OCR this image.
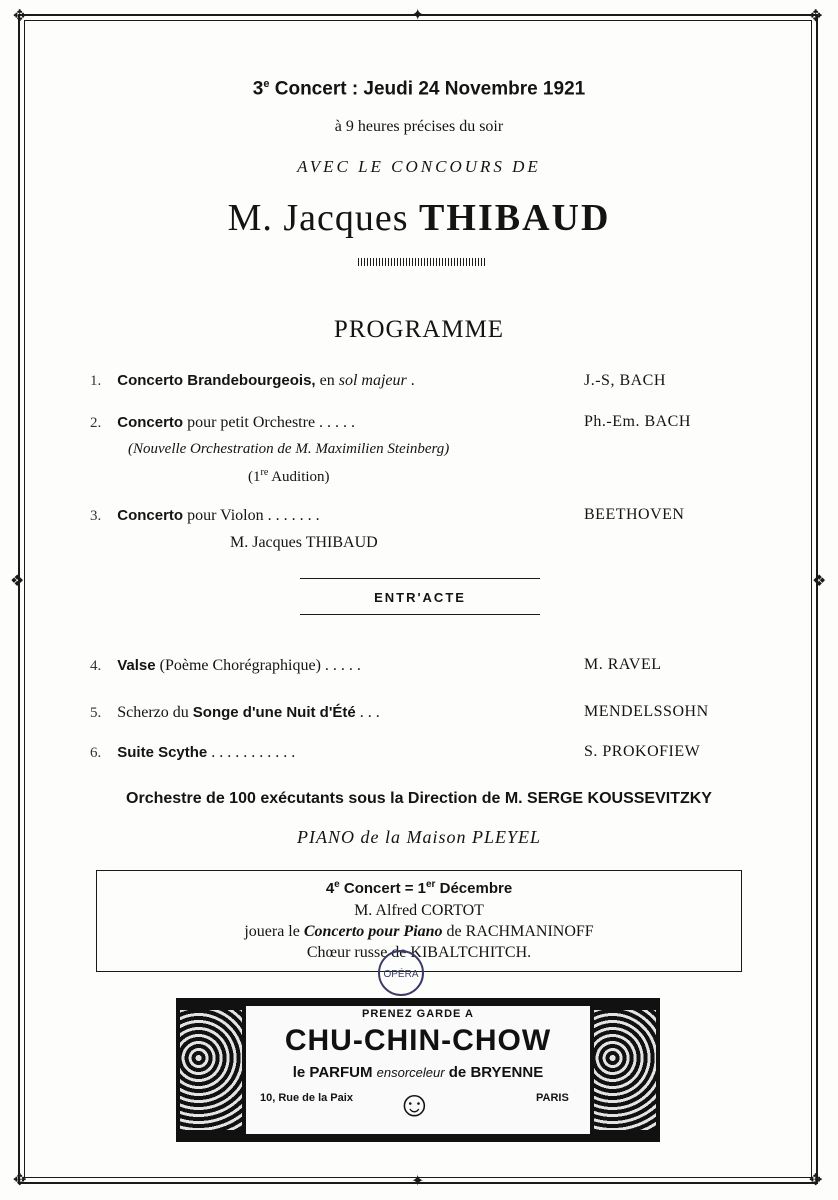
✥	✥
✥	✥
✦
✦
❖	❖
3e Concert : Jeudi 24 Novembre 1921
à 9 heures précises du soir
AVEC LE CONCOURS DE
M. Jacques THIBAUD
PROGRAMME
1. Concerto Brandebourgeois, en sol majeur .	J.-S, BACH
2. Concerto pour petit Orchestre . . . . .	Ph.-Em. BACH
(Nouvelle Orchestration de M. Maximilien Steinberg)
(1re Audition)
3. Concerto pour Violon . . . . . . .	BEETHOVEN
M. Jacques THIBAUD
ENTR'ACTE
4. Valse (Poème Chorégraphique) . . . . .	M. RAVEL
5. Scherzo du Songe d'une Nuit d'Été . . .	MENDELSSOHN
6. Suite Scythe . . . . . . . . . . .	S. PROKOFIEW
Orchestre de 100 exécutants sous la Direction de M. SERGE KOUSSEVITZKY
PIANO de la Maison PLEYEL
4e Concert = 1er Décembre
M. Alfred CORTOT
jouera le Concerto pour Piano de RACHMANINOFF
Chœur russe de KIBALTCHITCH.
OPÉRA
PRENEZ GARDE A
CHU-CHIN-CHOW
le PARFUM ensorceleur de BRYENNE
10, Rue de la Paix	PARIS
☺
